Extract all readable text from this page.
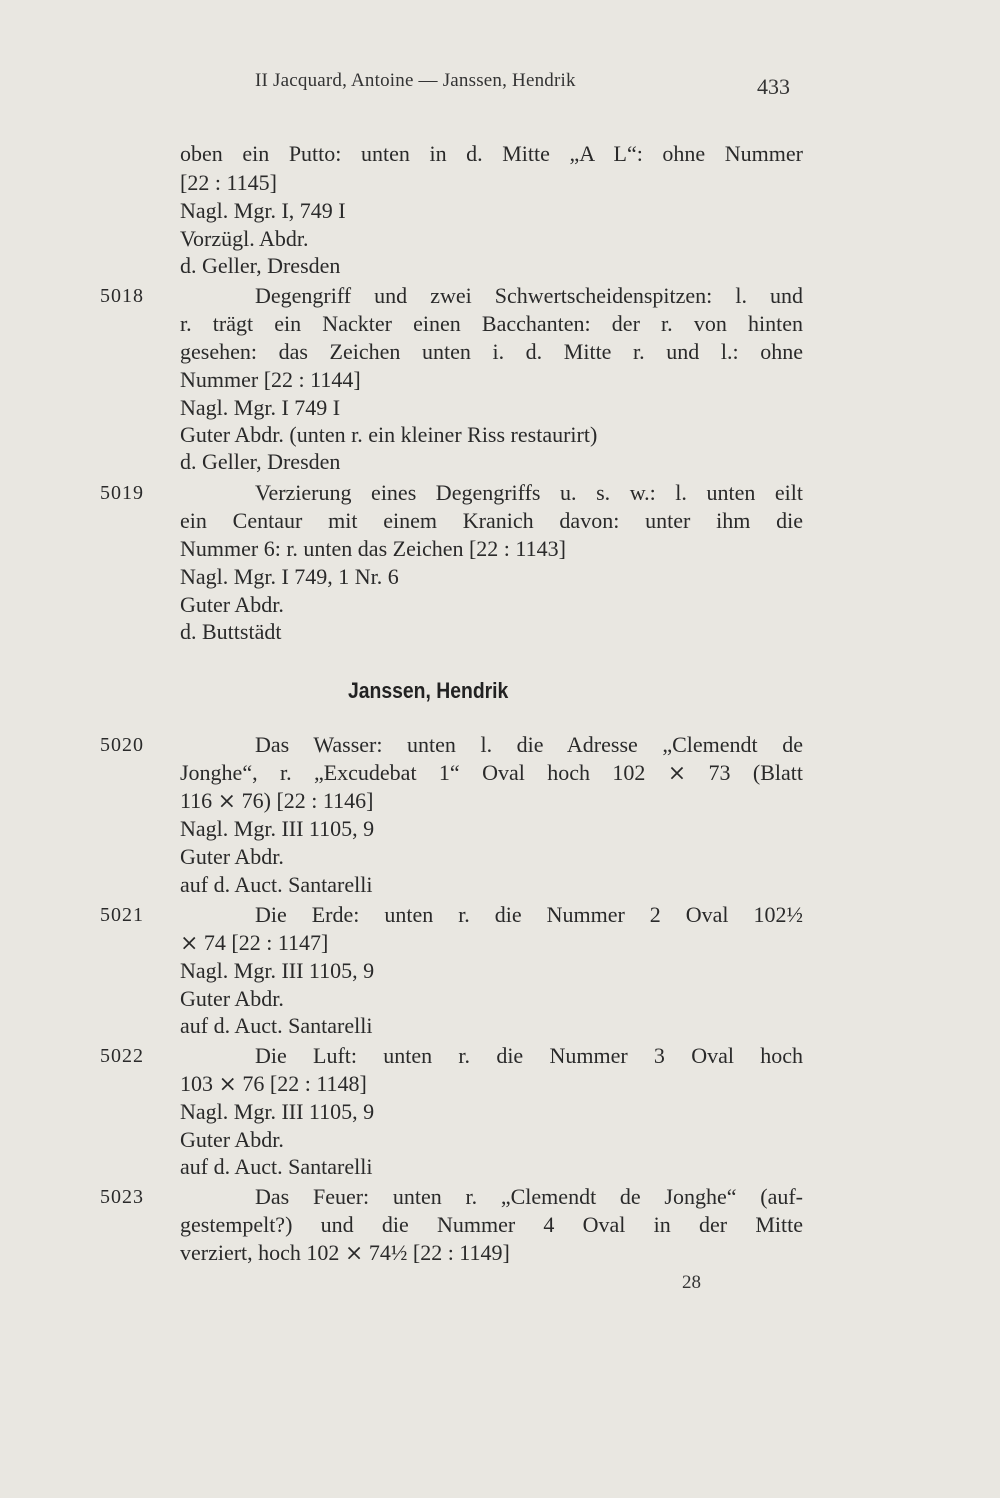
II Jacquard, Antoine — Janssen, Hendrik	433
oben ein Putto: unten in d. Mitte „A L“: ohne Nummer
[22 : 1145]
Nagl. Mgr. I, 749 I
Vorzügl. Abdr.
d. Geller, Dresden
5018	Degengriff und zwei Schwertscheidenspitzen: l. und
r. trägt ein Nackter einen Bacchanten: der r. von hinten
gesehen: das Zeichen unten i. d. Mitte r. und l.: ohne
Nummer [22 : 1144]
Nagl. Mgr. I 749 I
Guter Abdr. (unten r. ein kleiner Riss restaurirt)
d. Geller, Dresden
5019	Verzierung eines Degengriffs u. s. w.: l. unten eilt
ein Centaur mit einem Kranich davon: unter ihm die
Nummer 6: r. unten das Zeichen [22 : 1143]
Nagl. Mgr. I 749, 1 Nr. 6
Guter Abdr.
d. Buttstädt
Janssen, Hendrik
5020	Das Wasser: unten l. die Adresse „Clemendt de
Jonghe“, r. „Excudebat 1“ Oval hoch 102 ⨯ 73 (Blatt
116 ⨯ 76) [22 : 1146]
Nagl. Mgr. III 1105, 9
Guter Abdr.
auf d. Auct. Santarelli
5021	Die Erde: unten r. die Nummer 2 Oval 102½
⨯ 74 [22 : 1147]
Nagl. Mgr. III 1105, 9
Guter Abdr.
auf d. Auct. Santarelli
5022	Die Luft: unten r. die Nummer 3 Oval hoch
103 ⨯ 76 [22 : 1148]
Nagl. Mgr. III 1105, 9
Guter Abdr.
auf d. Auct. Santarelli
5023	Das Feuer: unten r. „Clemendt de Jonghe“ (auf-
gestempelt?) und die Nummer 4 Oval in der Mitte
verziert, hoch 102 ⨯ 74½ [22 : 1149]
28
